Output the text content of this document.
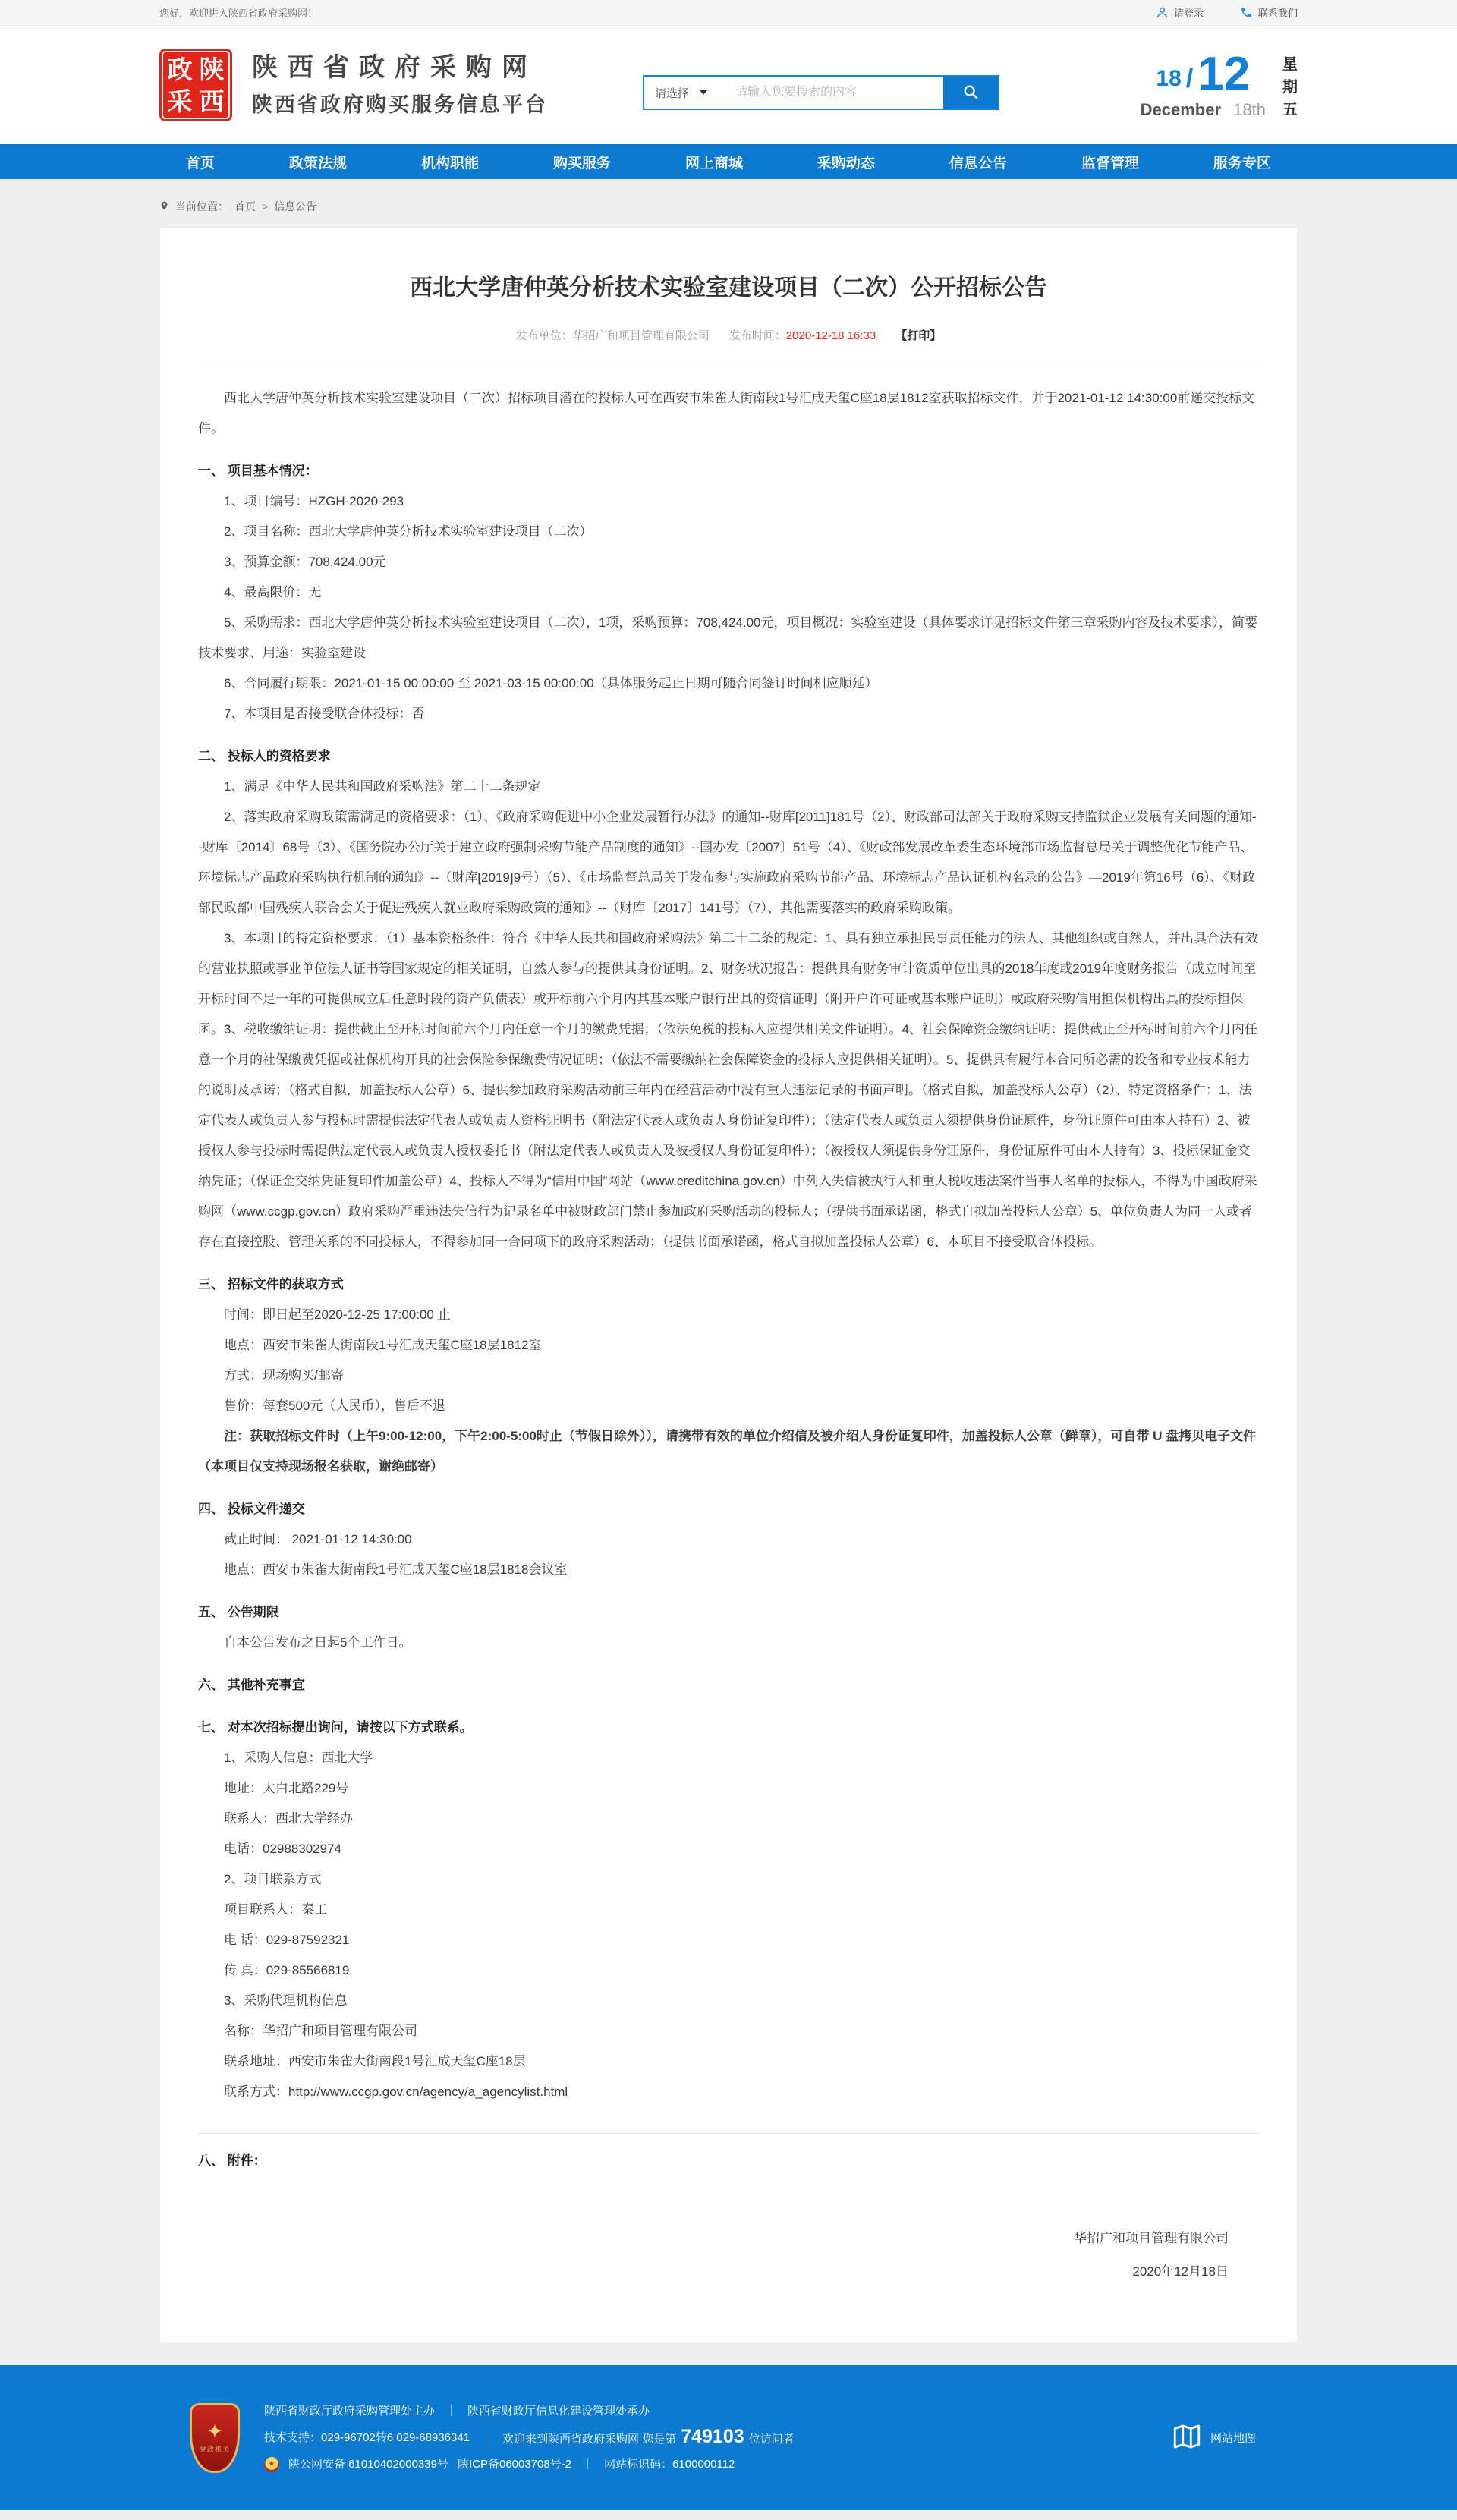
您好，欢迎进入陕西省政府采购网！	请登录	联系我们
政 陕
采 西
陕西省政府采购网
陕西省政府购买服务信息平台	请选择
请输入您要搜索的内容
18 / 12
December 18th
星
期
五
首页	政策法规	机构职能	购买服务	网上商城	采购动态	信息公告	监督管理	服务专区
当前位置： 首页 > 信息公告
西北大学唐仲英分析技术实验室建设项目（二次）公开招标公告
发布单位：华招广和项目管理有限公司 发布时间：2020-12-18 16:33 【打印】
西北大学唐仲英分析技术实验室建设项目（二次）招标项目潜在的投标人可在西安市朱雀大街南段1号汇成天玺C座18层1812室获取招标文件，并于2021-01-12 14:30:00前递交投标文件。
一、 项目基本情况：
1、项目编号：HZGH-2020-293
2、项目名称：西北大学唐仲英分析技术实验室建设项目（二次）
3、预算金额：708,424.00元
4、最高限价：无
5、采购需求：西北大学唐仲英分析技术实验室建设项目（二次），1项，采购预算：708,424.00元，项目概况：实验室建设（具体要求详见招标文件第三章采购内容及技术要求），简要技术要求、用途：实验室建设
6、合同履行期限：2021-01-15 00:00:00 至 2021-03-15 00:00:00（具体服务起止日期可随合同签订时间相应顺延）
7、本项目是否接受联合体投标：否
二、 投标人的资格要求
1、满足《中华人民共和国政府采购法》第二十二条规定
2、落实政府采购政策需满足的资格要求：（1）、《政府采购促进中小企业发展暂行办法》的通知--财库[2011]181号（2）、财政部司法部关于政府采购支持监狱企业发展有关问题的通知--财库〔2014〕68号（3）、《国务院办公厅关于建立政府强制采购节能产品制度的通知》--国办发〔2007〕51号（4）、《财政部发展改革委生态环境部市场监督总局关于调整优化节能产品、环境标志产品政府采购执行机制的通知》--（财库[2019]9号）（5）、《市场监督总局关于发布参与实施政府采购节能产品、环境标志产品认证机构名录的公告》—2019年第16号（6）、《财政部民政部中国残疾人联合会关于促进残疾人就业政府采购政策的通知》--（财库〔2017〕141号）（7）、其他需要落实的政府采购政策。
3、本项目的特定资格要求：（1）基本资格条件：符合《中华人民共和国政府采购法》第二十二条的规定：1、具有独立承担民事责任能力的法人、其他组织或自然人，并出具合法有效的营业执照或事业单位法人证书等国家规定的相关证明，自然人参与的提供其身份证明。2、财务状况报告：提供具有财务审计资质单位出具的2018年度或2019年度财务报告（成立时间至开标时间不足一年的可提供成立后任意时段的资产负债表）或开标前六个月内其基本账户银行出具的资信证明（附开户许可证或基本账户证明）或政府采购信用担保机构出具的投标担保函。3、税收缴纳证明：提供截止至开标时间前六个月内任意一个月的缴费凭据；（依法免税的投标人应提供相关文件证明）。4、社会保障资金缴纳证明：提供截止至开标时间前六个月内任意一个月的社保缴费凭据或社保机构开具的社会保险参保缴费情况证明；（依法不需要缴纳社会保障资金的投标人应提供相关证明）。5、提供具有履行本合同所必需的设备和专业技术能力的说明及承诺；（格式自拟，加盖投标人公章）6、提供参加政府采购活动前三年内在经营活动中没有重大违法记录的书面声明。（格式自拟，加盖投标人公章）（2）、特定资格条件：1、法定代表人或负责人参与投标时需提供法定代表人或负责人资格证明书（附法定代表人或负责人身份证复印件）；（法定代表人或负责人须提供身份证原件，身份证原件可由本人持有）2、被授权人参与投标时需提供法定代表人或负责人授权委托书（附法定代表人或负责人及被授权人身份证复印件）；（被授权人须提供身份证原件，身份证原件可由本人持有）3、投标保证金交纳凭证；（保证金交纳凭证复印件加盖公章）4、投标人不得为“信用中国”网站（www.creditchina.gov.cn）中列入失信被执行人和重大税收违法案件当事人名单的投标人，不得为中国政府采购网（www.ccgp.gov.cn）政府采购严重违法失信行为记录名单中被财政部门禁止参加政府采购活动的投标人；（提供书面承诺函，格式自拟加盖投标人公章）5、单位负责人为同一人或者存在直接控股、管理关系的不同投标人，不得参加同一合同项下的政府采购活动；（提供书面承诺函，格式自拟加盖投标人公章）6、本项目不接受联合体投标。
三、 招标文件的获取方式
时间：即日起至2020-12-25 17:00:00 止
地点：西安市朱雀大街南段1号汇成天玺C座18层1812室
方式：现场购买/邮寄
售价：每套500元（人民币），售后不退
注：获取招标文件时（上午9:00-12:00，下午2:00-5:00时止（节假日除外）），请携带有效的单位介绍信及被介绍人身份证复印件，加盖投标人公章（鲜章），可自带 U 盘拷贝电子文件（本项目仅支持现场报名获取，谢绝邮寄）
四、 投标文件递交
截止时间： 2021-01-12 14:30:00
地点：西安市朱雀大街南段1号汇成天玺C座18层1818会议室
五、 公告期限
自本公告发布之日起5个工作日。
六、 其他补充事宜
七、 对本次招标提出询问，请按以下方式联系。
1、采购人信息：西北大学
地址：太白北路229号
联系人：西北大学经办
电话：02988302974
2、项目联系方式
项目联系人：秦工
电 话：029-87592321
传 真：029-85566819
3、采购代理机构信息
名称：华招广和项目管理有限公司
联系地址：西安市朱雀大街南段1号汇成天玺C座18层
联系方式：http://www.ccgp.gov.cn/agency/a_agencylist.html
八、 附件：
华招广和项目管理有限公司
2020年12月18日
✦
党政机关
陕西省财政厅政府采购管理处主办 ｜ 陕西省财政厅信息化建设管理处承办
技术支持：029-96702转6 029-68936341 ｜ 欢迎来到陕西省政府采购网 您是第 749103 位访问者
★	陕公网安备 61010402000339号 陕ICP备06003708号-2 ｜ 网站标识码：6100000112
网站地图
